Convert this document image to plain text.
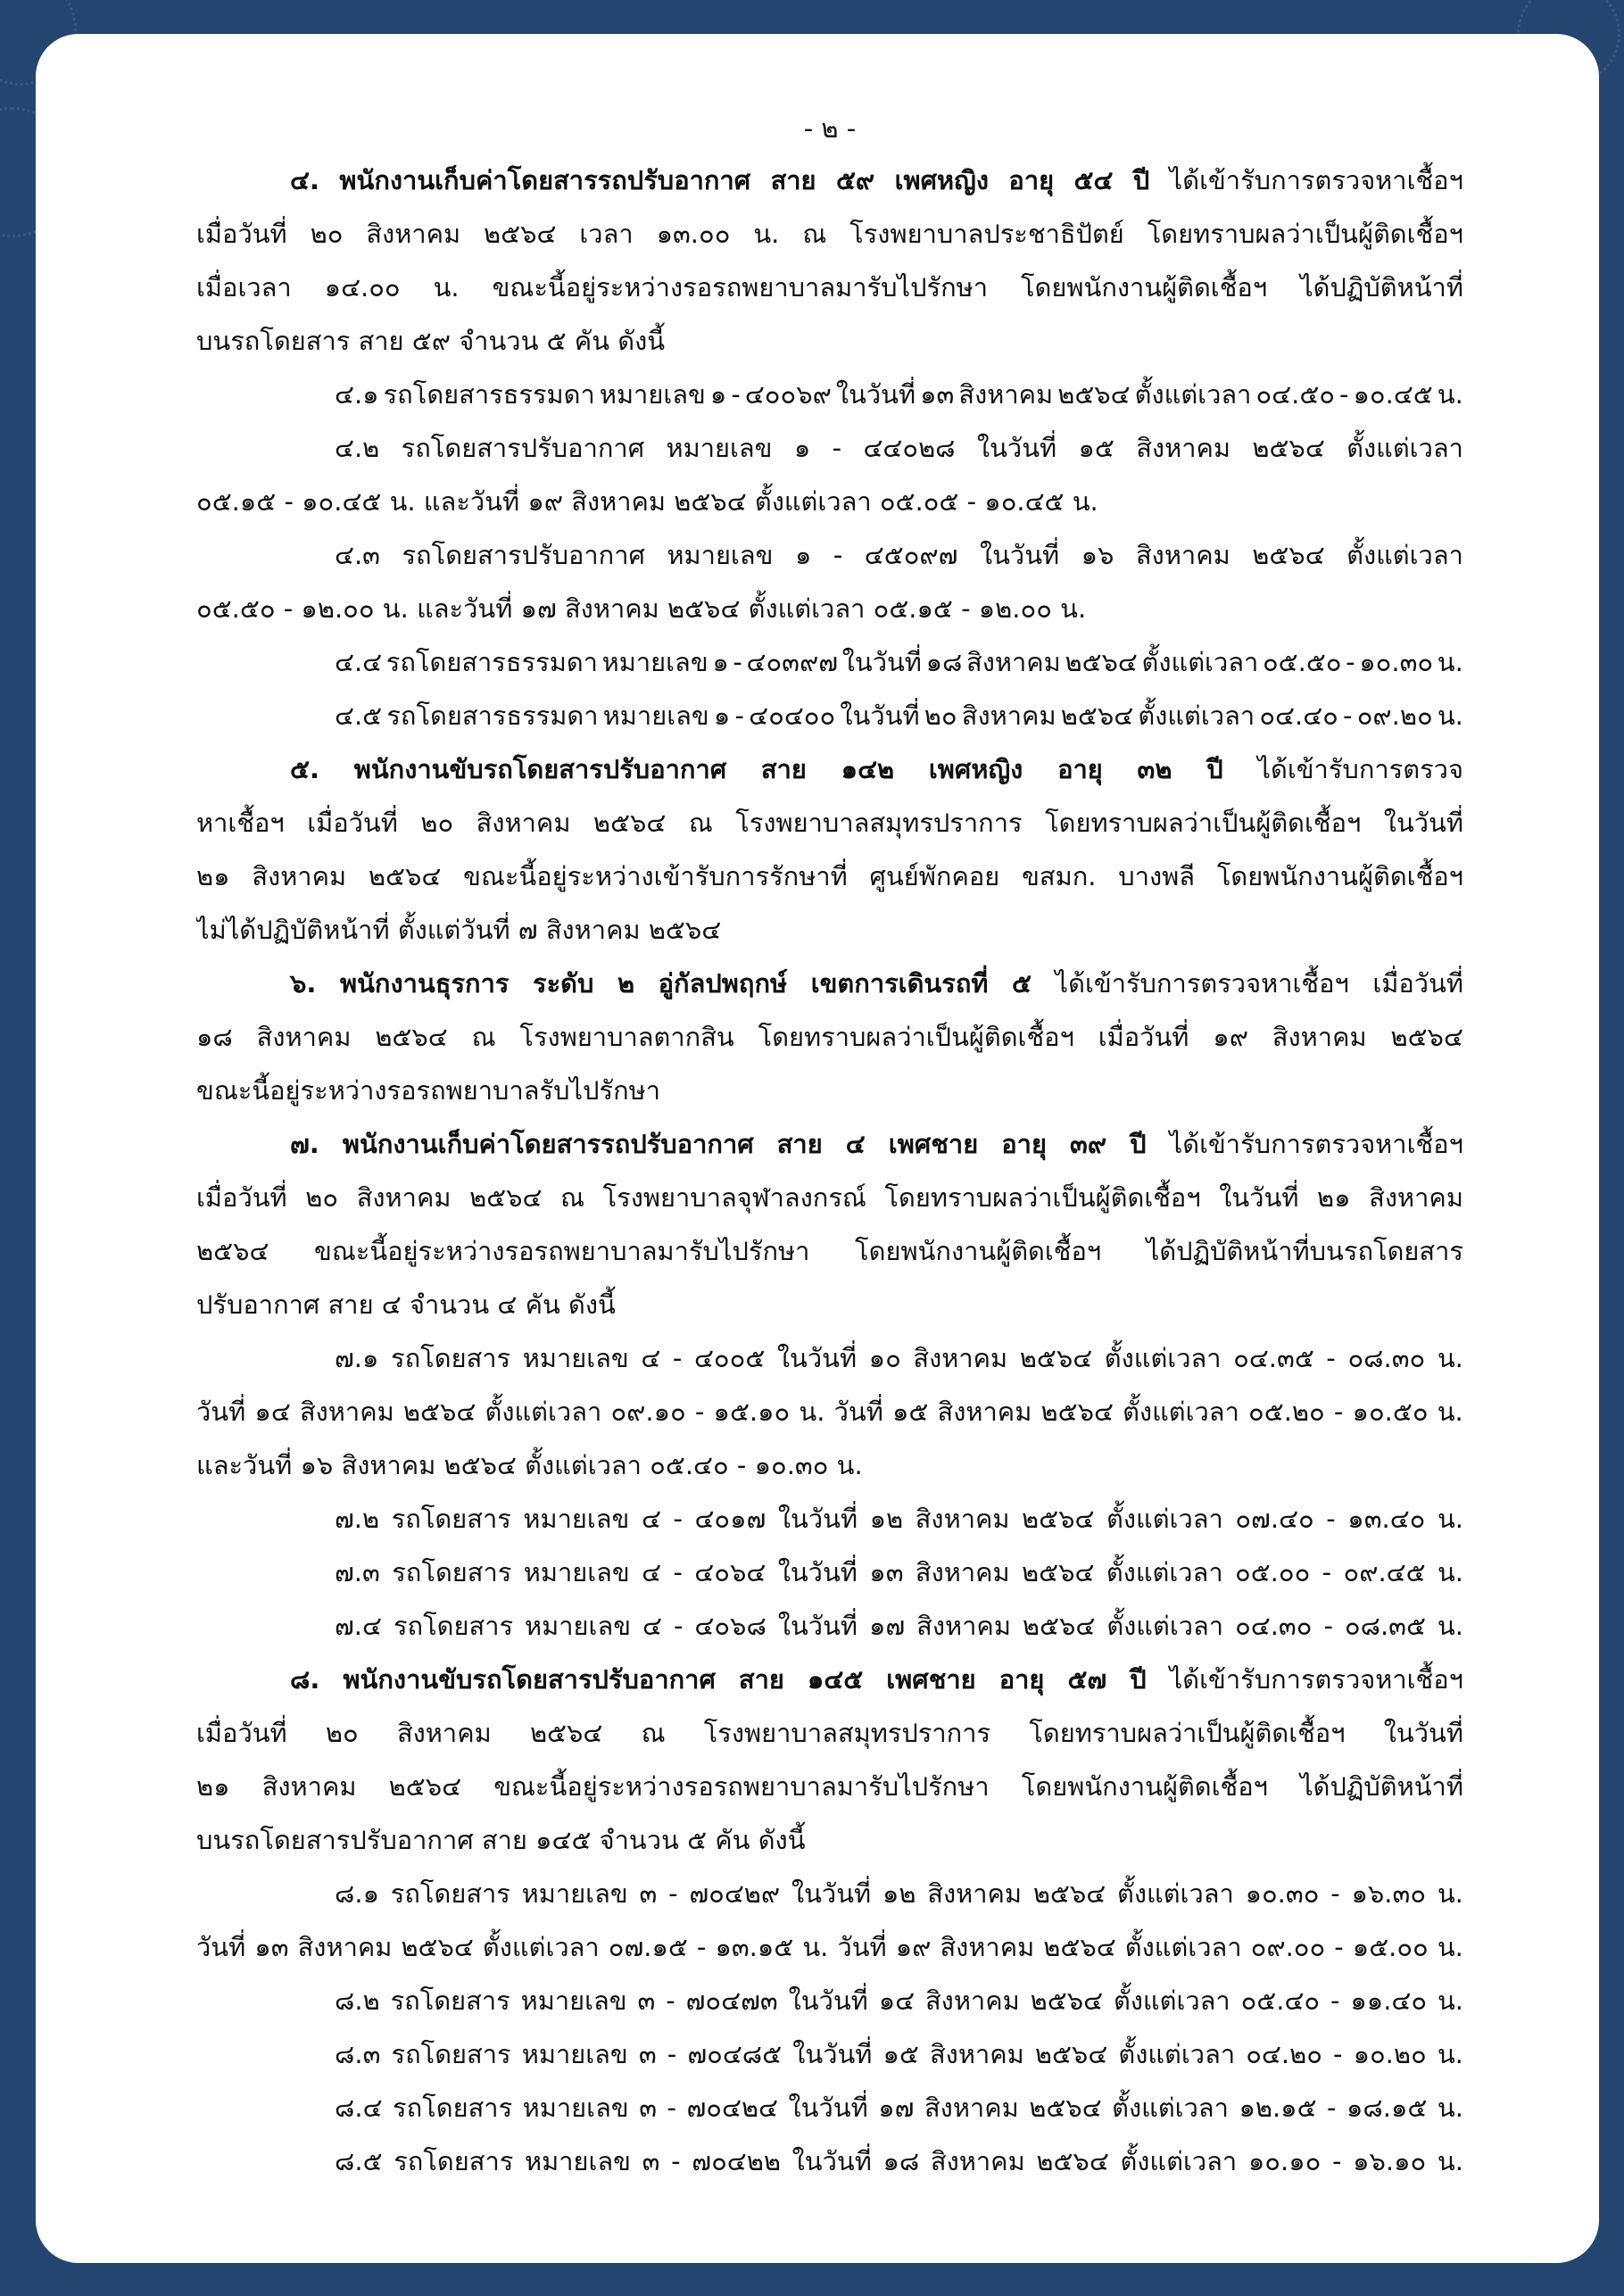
- ๒ -
๔. พนักงานเก็บค่าโดยสารรถปรับอากาศ สาย ๕๙ เพศหญิง อายุ ๕๔ ปี ได้เข้ารับการตรวจหาเชื้อฯ
เมื่อวันที่ ๒๐ สิงหาคม ๒๕๖๔ เวลา ๑๓.๐๐ น. ณ โรงพยาบาลประชาธิปัตย์ โดยทราบผลว่าเป็นผู้ติดเชื้อฯ
เมื่อเวลา ๑๔.๐๐ น. ขณะนี้อยู่ระหว่างรอรถพยาบาลมารับไปรักษา โดยพนักงานผู้ติดเชื้อฯ ได้ปฏิบัติหน้าที่
บนรถโดยสาร สาย ๕๙ จำนวน ๕ คัน ดังนี้
๔.๑ รถโดยสารธรรมดา หมายเลข ๑ - ๔๐๐๖๙ ในวันที่ ๑๓ สิงหาคม ๒๕๖๔ ตั้งแต่เวลา ๐๔.๕๐ - ๑๐.๔๕ น.
๔.๒ รถโดยสารปรับอากาศ หมายเลข ๑ - ๔๔๐๒๘ ในวันที่ ๑๕ สิงหาคม ๒๕๖๔ ตั้งแต่เวลา
๐๕.๑๕ - ๑๐.๔๕ น. และวันที่ ๑๙ สิงหาคม ๒๕๖๔ ตั้งแต่เวลา ๐๕.๐๕ - ๑๐.๔๕ น.
๔.๓ รถโดยสารปรับอากาศ หมายเลข ๑ - ๔๕๐๙๗ ในวันที่ ๑๖ สิงหาคม ๒๕๖๔ ตั้งแต่เวลา
๐๕.๕๐ - ๑๒.๐๐ น. และวันที่ ๑๗ สิงหาคม ๒๕๖๔ ตั้งแต่เวลา ๐๕.๑๕ - ๑๒.๐๐ น.
๔.๔ รถโดยสารธรรมดา หมายเลข ๑ - ๔๐๓๙๗ ในวันที่ ๑๘ สิงหาคม ๒๕๖๔ ตั้งแต่เวลา ๐๕.๕๐ - ๑๐.๓๐ น.
๔.๕ รถโดยสารธรรมดา หมายเลข ๑ - ๔๐๔๐๐ ในวันที่ ๒๐ สิงหาคม ๒๕๖๔ ตั้งแต่เวลา ๐๔.๔๐ - ๐๙.๒๐ น.
๕. พนักงานขับรถโดยสารปรับอากาศ สาย ๑๔๒ เพศหญิง อายุ ๓๒ ปี ได้เข้ารับการตรวจ
หาเชื้อฯ เมื่อวันที่ ๒๐ สิงหาคม ๒๕๖๔ ณ โรงพยาบาลสมุทรปราการ โดยทราบผลว่าเป็นผู้ติดเชื้อฯ ในวันที่
๒๑ สิงหาคม ๒๕๖๔ ขณะนี้อยู่ระหว่างเข้ารับการรักษาที่ ศูนย์พักคอย ขสมก. บางพลี โดยพนักงานผู้ติดเชื้อฯ
ไม่ได้ปฏิบัติหน้าที่ ตั้งแต่วันที่ ๗ สิงหาคม ๒๕๖๔
๖. พนักงานธุรการ ระดับ ๒ อู่กัลปพฤกษ์ เขตการเดินรถที่ ๕ ได้เข้ารับการตรวจหาเชื้อฯ เมื่อวันที่
๑๘ สิงหาคม ๒๕๖๔ ณ โรงพยาบาลตากสิน โดยทราบผลว่าเป็นผู้ติดเชื้อฯ เมื่อวันที่ ๑๙ สิงหาคม ๒๕๖๔
ขณะนี้อยู่ระหว่างรอรถพยาบาลรับไปรักษา
๗. พนักงานเก็บค่าโดยสารรถปรับอากาศ สาย ๔ เพศชาย อายุ ๓๙ ปี ได้เข้ารับการตรวจหาเชื้อฯ
เมื่อวันที่ ๒๐ สิงหาคม ๒๕๖๔ ณ โรงพยาบาลจุฬาลงกรณ์ โดยทราบผลว่าเป็นผู้ติดเชื้อฯ ในวันที่ ๒๑ สิงหาคม
๒๕๖๔ ขณะนี้อยู่ระหว่างรอรถพยาบาลมารับไปรักษา โดยพนักงานผู้ติดเชื้อฯ ได้ปฏิบัติหน้าที่บนรถโดยสาร
ปรับอากาศ สาย ๔ จำนวน ๔ คัน ดังนี้
๗.๑ รถโดยสาร หมายเลข ๔ - ๔๐๐๕ ในวันที่ ๑๐ สิงหาคม ๒๕๖๔ ตั้งแต่เวลา ๐๔.๓๕ - ๐๘.๓๐ น.
วันที่ ๑๔ สิงหาคม ๒๕๖๔ ตั้งแต่เวลา ๐๙.๑๐ - ๑๕.๑๐ น. วันที่ ๑๕ สิงหาคม ๒๕๖๔ ตั้งแต่เวลา ๐๕.๒๐ - ๑๐.๕๐ น.
และวันที่ ๑๖ สิงหาคม ๒๕๖๔ ตั้งแต่เวลา ๐๕.๔๐ - ๑๐.๓๐ น.
๗.๒ รถโดยสาร หมายเลข ๔ - ๔๐๑๗ ในวันที่ ๑๒ สิงหาคม ๒๕๖๔ ตั้งแต่เวลา ๐๗.๔๐ - ๑๓.๔๐ น.
๗.๓ รถโดยสาร หมายเลข ๔ - ๔๐๖๔ ในวันที่ ๑๓ สิงหาคม ๒๕๖๔ ตั้งแต่เวลา ๐๕.๐๐ - ๐๙.๔๕ น.
๗.๔ รถโดยสาร หมายเลข ๔ - ๔๐๖๘ ในวันที่ ๑๗ สิงหาคม ๒๕๖๔ ตั้งแต่เวลา ๐๔.๓๐ - ๐๘.๓๕ น.
๘. พนักงานขับรถโดยสารปรับอากาศ สาย ๑๔๕ เพศชาย อายุ ๕๗ ปี ได้เข้ารับการตรวจหาเชื้อฯ
เมื่อวันที่ ๒๐ สิงหาคม ๒๕๖๔ ณ โรงพยาบาลสมุทรปราการ โดยทราบผลว่าเป็นผู้ติดเชื้อฯ ในวันที่
๒๑ สิงหาคม ๒๕๖๔ ขณะนี้อยู่ระหว่างรอรถพยาบาลมารับไปรักษา โดยพนักงานผู้ติดเชื้อฯ ได้ปฏิบัติหน้าที่
บนรถโดยสารปรับอากาศ สาย ๑๔๕ จำนวน ๕ คัน ดังนี้
๘.๑ รถโดยสาร หมายเลข ๓ - ๗๐๔๒๙ ในวันที่ ๑๒ สิงหาคม ๒๕๖๔ ตั้งแต่เวลา ๑๐.๓๐ - ๑๖.๓๐ น.
วันที่ ๑๓ สิงหาคม ๒๕๖๔ ตั้งแต่เวลา ๐๗.๑๕ - ๑๓.๑๕ น. วันที่ ๑๙ สิงหาคม ๒๕๖๔ ตั้งแต่เวลา ๐๙.๐๐ - ๑๕.๐๐ น.
๘.๒ รถโดยสาร หมายเลข ๓ - ๗๐๔๗๓ ในวันที่ ๑๔ สิงหาคม ๒๕๖๔ ตั้งแต่เวลา ๐๕.๔๐ - ๑๑.๔๐ น.
๘.๓ รถโดยสาร หมายเลข ๓ - ๗๐๔๘๕ ในวันที่ ๑๕ สิงหาคม ๒๕๖๔ ตั้งแต่เวลา ๐๔.๒๐ - ๑๐.๒๐ น.
๘.๔ รถโดยสาร หมายเลข ๓ - ๗๐๔๒๔ ในวันที่ ๑๗ สิงหาคม ๒๕๖๔ ตั้งแต่เวลา ๑๒.๑๕ - ๑๘.๑๕ น.
๘.๕ รถโดยสาร หมายเลข ๓ - ๗๐๔๒๒ ในวันที่ ๑๘ สิงหาคม ๒๕๖๔ ตั้งแต่เวลา ๑๐.๑๐ - ๑๖.๑๐ น.
